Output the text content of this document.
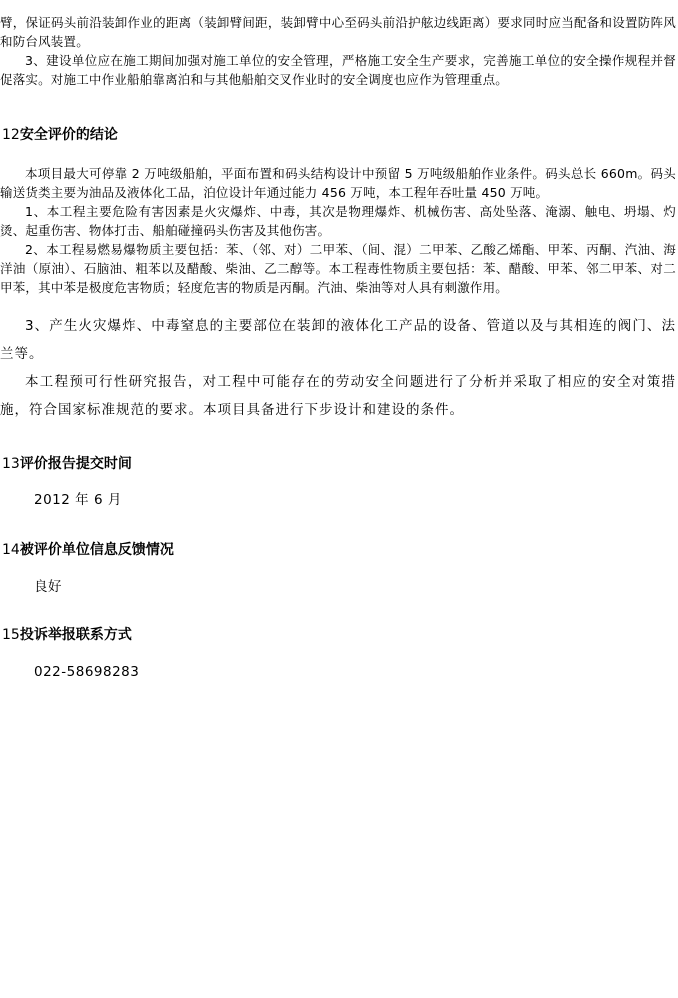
臂，保证码头前沿装卸作业的距离（装卸臂间距，装卸臂中心至码头前沿护舷边线距离）要求同时应当配备和设置防阵风和防台风装置。

3、建设单位应在施工期间加强对施工单位的安全管理，严格施工安全生产要求，完善施工单位的安全操作规程并督促落实。对施工中作业船舶靠离泊和与其他船舶交叉作业时的安全调度也应作为管理重点。

12安全评价的结论

本项目最大可停靠 2 万吨级船舶，平面布置和码头结构设计中预留 5 万吨级船舶作业条件。码头总长 660m。码头输送货类主要为油品及液体化工品，泊位设计年通过能力 456 万吨，本工程年吞吐量 450 万吨。

1、本工程主要危险有害因素是火灾爆炸、中毒，其次是物理爆炸、机械伤害、高处坠落、淹溺、触电、坍塌、灼烫、起重伤害、物体打击、船舶碰撞码头伤害及其他伤害。

2、本工程易燃易爆物质主要包括：苯、（邻、对）二甲苯、（间、混）二甲苯、乙酸乙烯酯、甲苯、丙酮、汽油、海洋油（原油）、石脑油、粗苯以及醋酸、柴油、乙二醇等。本工程毒性物质主要包括：苯、醋酸、甲苯、邻二甲苯、对二甲苯，其中苯是极度危害物质；轻度危害的物质是丙酮。汽油、柴油等对人具有刺激作用。

3、产生火灾爆炸、中毒窒息的主要部位在装卸的液体化工产品的设备、管道以及与其相连的阀门、法兰等。

本工程预可行性研究报告，对工程中可能存在的劳动安全问题进行了分析并采取了相应的安全对策措施，符合国家标准规范的要求。本项目具备进行下步设计和建设的条件。

13评价报告提交时间

2012 年 6 月

14被评价单位信息反馈情况

良好

15投诉举报联系方式

022-58698283
